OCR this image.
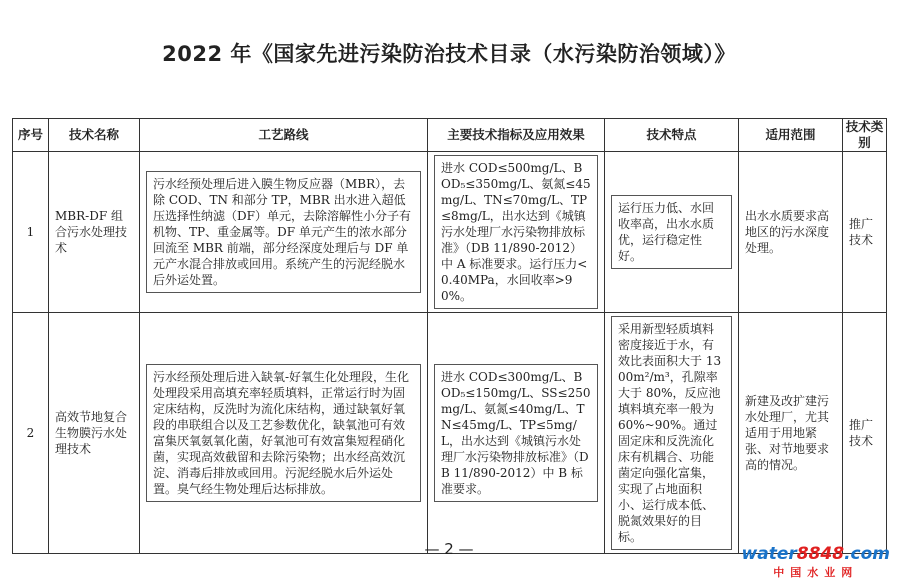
2022 年《国家先进污染防治技术目录（水污染防治领域）》
序号	技术名称	工艺路线	主要技术指标及应用效果	技术特点	适用范围	技术类别
1	MBR-DF 组合污水处理技术	污水经预处理后进入膜生物反应器（MBR），去除 COD、TN 和部分 TP，MBR 出水进入超低压选择性纳滤（DF）单元，去除溶解性小分子有机物、TP、重金属等。DF 单元产生的浓水部分回流至 MBR 前端，部分经深度处理后与 DF 单元产水混合排放或回用。系统产生的污泥经脱水后外运处置。	进水 COD≤500mg/L、BOD₅≤350mg/L、氨氮≤45mg/L、TN≤70mg/L、TP≤8mg/L，出水达到《城镇污水处理厂水污染物排放标准》（DB 11/890-2012）中 A 标准要求。运行压力<0.40MPa，水回收率>90%。	运行压力低、水回收率高，出水水质优，运行稳定性好。	出水水质要求高地区的污水深度处理。	推广技术
2	高效节地复合生物膜污水处理技术	污水经预处理后进入缺氧-好氧生化处理段，生化处理段采用高填充率轻质填料，正常运行时为固定床结构，反洗时为流化床结构，通过缺氧好氧段的串联组合以及工艺参数优化，缺氧池可有效富集厌氧氨氧化菌，好氧池可有效富集短程硝化菌，实现高效截留和去除污染物；出水经高效沉淀、消毒后排放或回用。污泥经脱水后外运处置。臭气经生物处理后达标排放。	进水 COD≤300mg/L、BOD₅≤150mg/L、SS≤250mg/L、氨氮≤40mg/L、TN≤45mg/L、TP≤5mg/L，出水达到《城镇污水处理厂水污染物排放标准》（DB 11/890-2012）中 B 标准要求。	采用新型轻质填料密度接近于水，有效比表面积大于 1300m²/m³，孔隙率大于 80%，反应池填料填充率一般为 60%~90%。通过固定床和反洗流化床有机耦合、功能菌定向强化富集，实现了占地面积小、运行成本低、脱氮效果好的目标。	新建及改扩建污水处理厂，尤其适用于用地紧张、对节地要求高的情况。	推广技术
— 2 —	water8848.com
中国水业网
